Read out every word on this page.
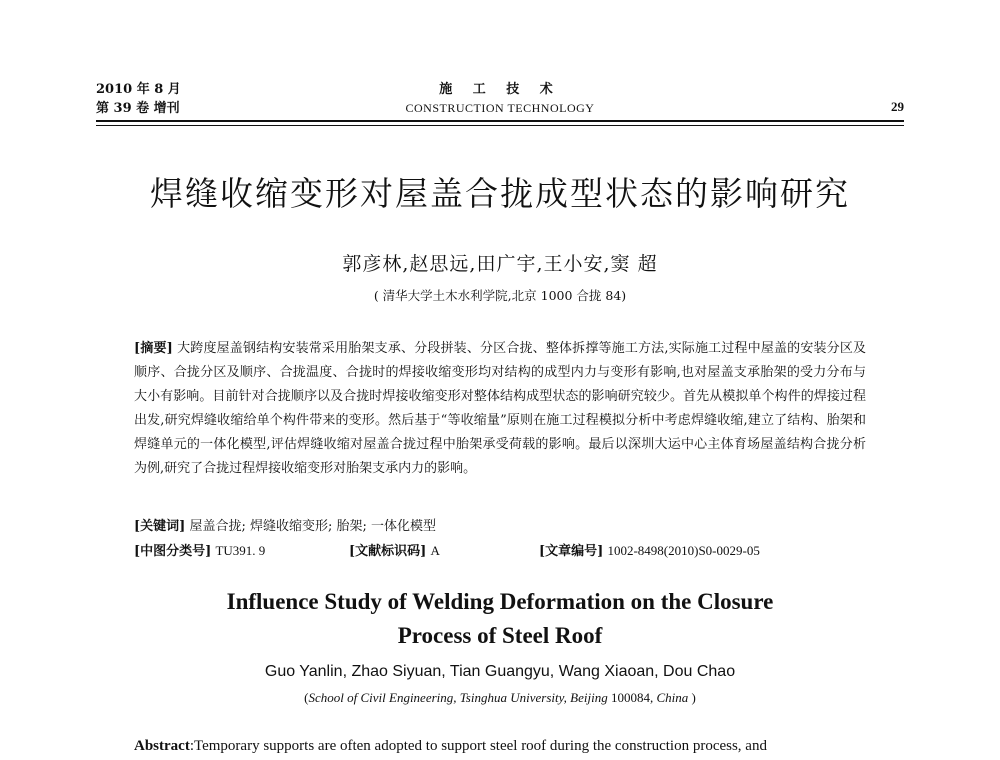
2010 年 8 月
第 39 卷 增刊
施 工 技 术
CONSTRUCTION TECHNOLOGY	29
焊缝收缩变形对屋盖合拢成型状态的影响研究
郭彦林,赵思远,田广宇,王小安,窦 超
( 清华大学土木水利学院,北京 1000 合拢 84)
[摘要] 大跨度屋盖钢结构安装常采用胎架支承、分段拼装、分区合拢、整体拆撑等施工方法,实际施工过程中屋盖的安装分区及顺序、合拢分区及顺序、合拢温度、合拢时的焊接收缩变形均对结构的成型内力与变形有影响,也对屋盖支承胎架的受力分布与大小有影响。目前针对合拢顺序以及合拢时焊接收缩变形对整体结构成型状态的影响研究较少。首先从模拟单个构件的焊接过程出发,研究焊缝收缩给单个构件带来的变形。然后基于“等收缩量”原则在施工过程模拟分析中考虑焊缝收缩,建立了结构、胎架和焊缝单元的一体化模型,评估焊缝收缩对屋盖合拢过程中胎架承受荷载的影响。最后以深圳大运中心主体育场屋盖结构合拢分析为例,研究了合拢过程焊接收缩变形对胎架支承内力的影响。
[关键词] 屋盖合拢; 焊缝收缩变形; 胎架; 一体化模型
[中图分类号] TU391. 9	[文献标识码] A	[文章编号] 1002-8498(2010)S0-0029-05
Influence Study of Welding Deformation on the Closure
Process of Steel Roof
Guo Yanlin, Zhao Siyuan, Tian Guangyu, Wang Xiaoan, Dou Chao
(School of Civil Engineering, Tsinghua University, Beijing 100084, China )
Abstract:Temporary supports are often adopted to support steel roof during the construction process, and
